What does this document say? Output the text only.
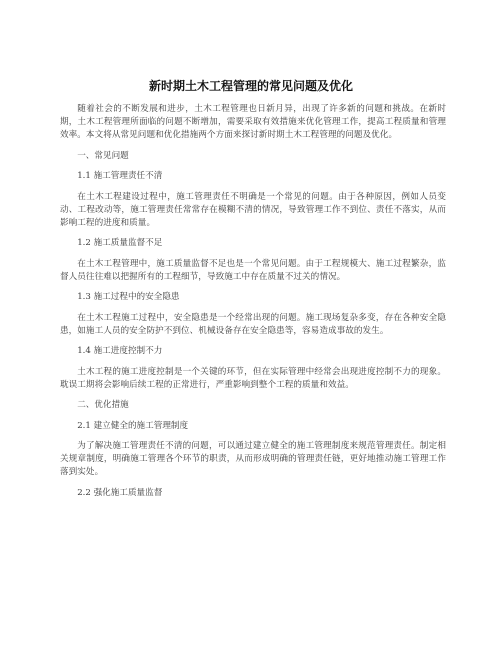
新时期土木工程管理的常见问题及优化

随着社会的不断发展和进步，土木工程管理也日新月异，出现了许多新的问题和挑战。在新时期，土木工程管理所面临的问题不断增加，需要采取有效措施来优化管理工作，提高工程质量和管理效率。本文将从常见问题和优化措施两个方面来探讨新时期土木工程管理的问题及优化。

一、常见问题

1.1 施工管理责任不清

在土木工程建设过程中，施工管理责任不明确是一个常见的问题。由于各种原因，例如人员变动、工程改动等，施工管理责任常常存在模糊不清的情况，导致管理工作不到位、责任不落实，从而影响工程的进度和质量。

1.2 施工质量监督不足

在土木工程管理中，施工质量监督不足也是一个常见问题。由于工程规模大、施工过程繁杂，监督人员往往难以把握所有的工程细节，导致施工中存在质量不过关的情况。

1.3 施工过程中的安全隐患

在土木工程施工过程中，安全隐患是一个经常出现的问题。施工现场复杂多变，存在各种安全隐患，如施工人员的安全防护不到位、机械设备存在安全隐患等，容易造成事故的发生。

1.4 施工进度控制不力

土木工程的施工进度控制是一个关键的环节，但在实际管理中经常会出现进度控制不力的现象。耽误工期将会影响后续工程的正常进行，严重影响到整个工程的质量和效益。

二、优化措施

2.1 建立健全的施工管理制度

为了解决施工管理责任不清的问题，可以通过建立健全的施工管理制度来规范管理责任。制定相关规章制度，明确施工管理各个环节的职责，从而形成明确的管理责任链，更好地推动施工管理工作落到实处。

2.2 强化施工质量监督
